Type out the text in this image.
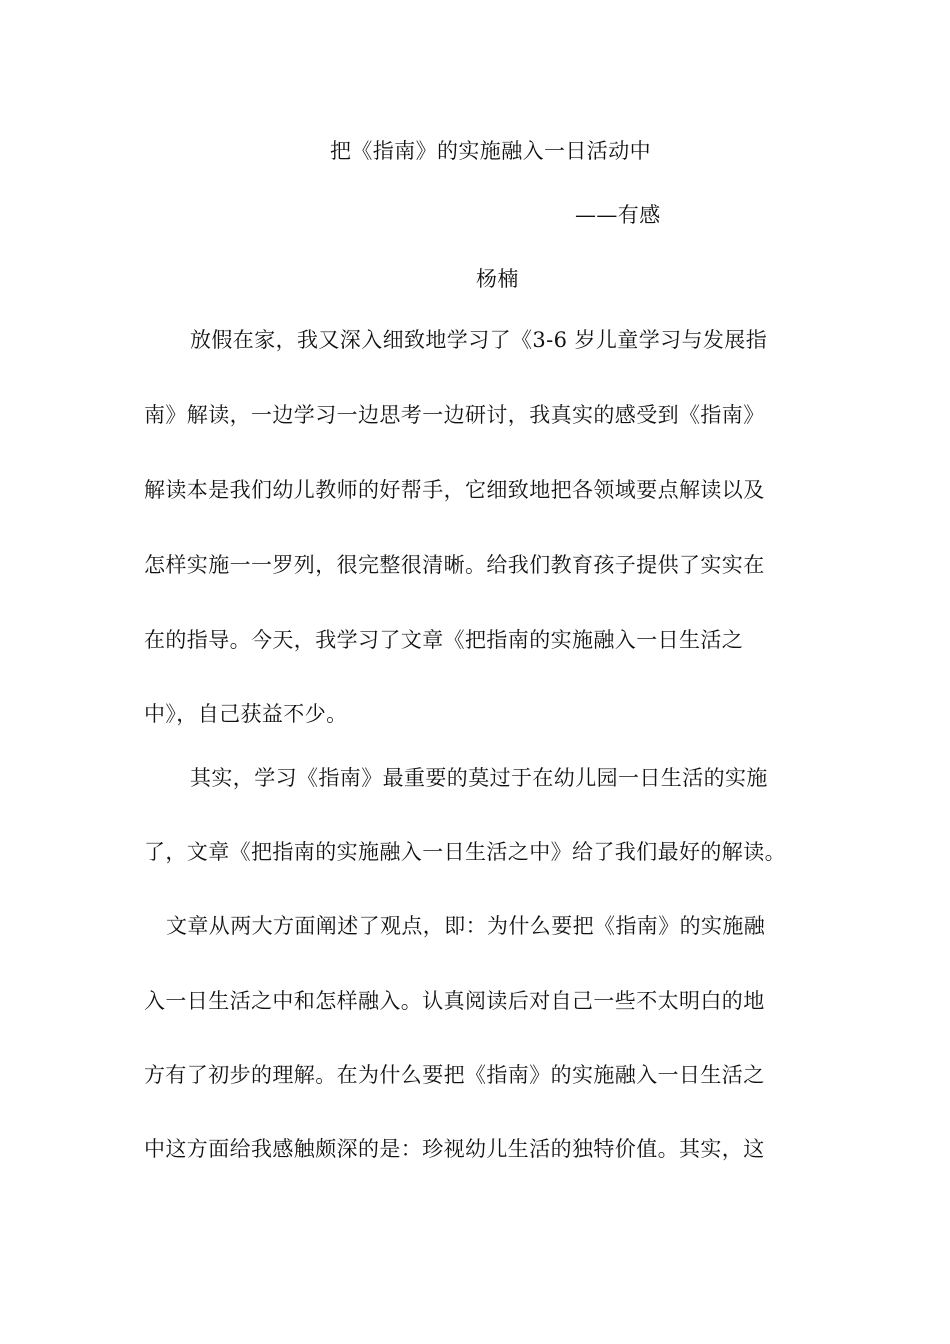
把《指南》的实施融入一日活动中
——有感
杨楠
放假在家，我又深入细致地学习了《3-6 岁儿童学习与发展指
南》解读，一边学习一边思考一边研讨，我真实的感受到《指南》
解读本是我们幼儿教师的好帮手，它细致地把各领域要点解读以及
怎样实施一一罗列，很完整很清晰。给我们教育孩子提供了实实在
在的指导。今天，我学习了文章《把指南的实施融入一日生活之
中》，自己获益不少。
其实，学习《指南》最重要的莫过于在幼儿园一日生活的实施
了，文章《把指南的实施融入一日生活之中》给了我们最好的解读。
文章从两大方面阐述了观点，即：为什么要把《指南》的实施融
入一日生活之中和怎样融入。认真阅读后对自己一些不太明白的地
方有了初步的理解。在为什么要把《指南》的实施融入一日生活之
中这方面给我感触颇深的是：珍视幼儿生活的独特价值。其实，这
